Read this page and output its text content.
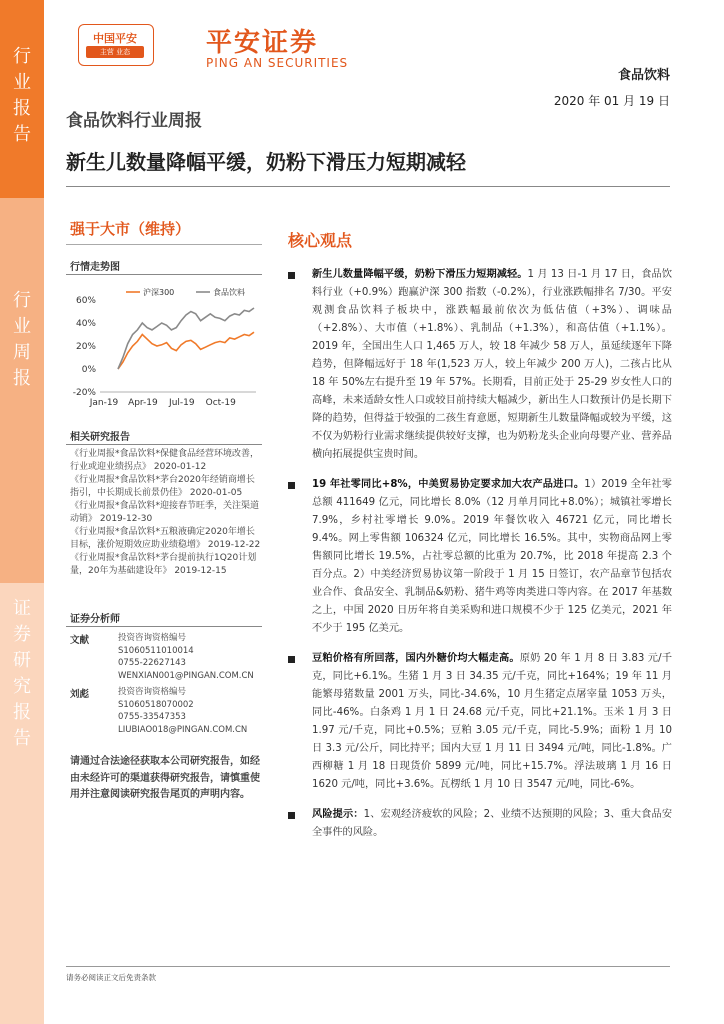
行
业
报
告
行
业
周
报
证
券
研
究
报
告
中国平安
主营 业态	平安证券
PING AN SECURITIES
食品饮料
2020 年 01 月 19 日
食品饮料行业周报
新生儿数量降幅平缓，奶粉下滑压力短期减轻
强于大市（维持）
核心观点
行情走势图
60%
40%
20%
0%
-20%
Jan-19 Apr-19 Jul-19 Oct-19
沪深300	食品饮料
相关研究报告
《行业周报*食品饮料*保健食品经营环境改善，行业或迎业绩拐点》 2020-01-12
《行业周报*食品饮料*茅台2020年经销商增长指引，中长期成长前景仍佳》 2020-01-05
《行业周报*食品饮料*迎接春节旺季，关注渠道动销》 2019-12-30
《行业周报*食品饮料*五粮液确定2020年增长目标，涨价短期效应助业绩稳增》 2019-12-22
《行业周报*食品饮料*茅台提前执行1Q20计划量，20年为基础建设年》 2019-12-15
证券分析师
文献	投资咨询资格编号
S1060511010014
0755-22627143
WENXIAN001@PINGAN.COM.CN
刘彪	投资咨询资格编号
S1060518070002
0755-33547353
LIUBIAO018@PINGAN.COM.CN
请通过合法途径获取本公司研究报告，如经由未经许可的渠道获得研究报告，请慎重使用并注意阅读研究报告尾页的声明内容。
新生儿数量降幅平缓，奶粉下滑压力短期减轻。1 月 13 日-1 月 17 日，食品饮料行业（+0.9%）跑赢沪深 300 指数（-0.2%），行业涨跌幅排名 7/30。平安观测食品饮料子板块中，涨跌幅最前依次为低估值（+3%）、调味品（+2.8%）、大市值（+1.8%）、乳制品（+1.3%），和高估值（+1.1%）。2019 年，全国出生人口 1,465 万人，较 18 年减少 58 万人，虽延续逐年下降趋势，但降幅远好于 18 年(1,523 万人，较上年减少 200 万人)，二孩占比从 18 年 50%左右提升至 19 年 57%。长期看，目前正处于 25-29 岁女性人口的高峰，未来适龄女性人口或较目前持续大幅减少，新出生人口数预计仍是长期下降的趋势，但得益于较强的二孩生育意愿，短期新生儿数量降幅或较为平缓，这不仅为奶粉行业需求继续提供较好支撑，也为奶粉龙头企业向母婴产业、营养品横向拓展提供宝贵时间。
19 年社零同比+8%，中美贸易协定要求加大农产品进口。1）2019 全年社零总额 411649 亿元，同比增长 8.0%（12 月单月同比+8.0%）；城镇社零增长 7.9%，乡村社零增长 9.0%。2019 年餐饮收入 46721 亿元，同比增长 9.4%。网上零售额 106324 亿元，同比增长 16.5%。其中，实物商品网上零售额同比增长 19.5%，占社零总额的比重为 20.7%，比 2018 年提高 2.3 个百分点。2）中美经济贸易协议第一阶段于 1 月 15 日签订，农产品章节包括农业合作、食品安全、乳制品&奶粉、猪牛鸡等肉类进口等内容。在 2017 年基数之上，中国 2020 日历年将自美采购和进口规模不少于 125 亿美元，2021 年不少于 195 亿美元。
豆粕价格有所回落，国内外糖价均大幅走高。原奶 20 年 1 月 8 日 3.83 元/千克，同比+6.1%。生猪 1 月 3 日 34.35 元/千克，同比+164%；19 年 11 月能繁母猪数量 2001 万头，同比-34.6%，10 月生猪定点屠宰量 1053 万头，同比-46%。白条鸡 1 月 1 日 24.68 元/千克，同比+21.1%。玉米 1 月 3 日 1.97 元/千克，同比+0.5%；豆粕 3.05 元/千克，同比-5.9%；面粉 1 月 10 日 3.3 元/公斤，同比持平；国内大豆 1 月 11 日 3494 元/吨，同比-1.8%。广西柳糖 1 月 18 日现货价 5899 元/吨，同比+15.7%。浮法玻璃 1 月 16 日 1620 元/吨，同比+3.6%。瓦楞纸 1 月 10 日 3547 元/吨，同比-6%。
风险提示：1、宏观经济疲软的风险；2、业绩不达预期的风险；3、重大食品安全事件的风险。
请务必阅读正文后免责条款
